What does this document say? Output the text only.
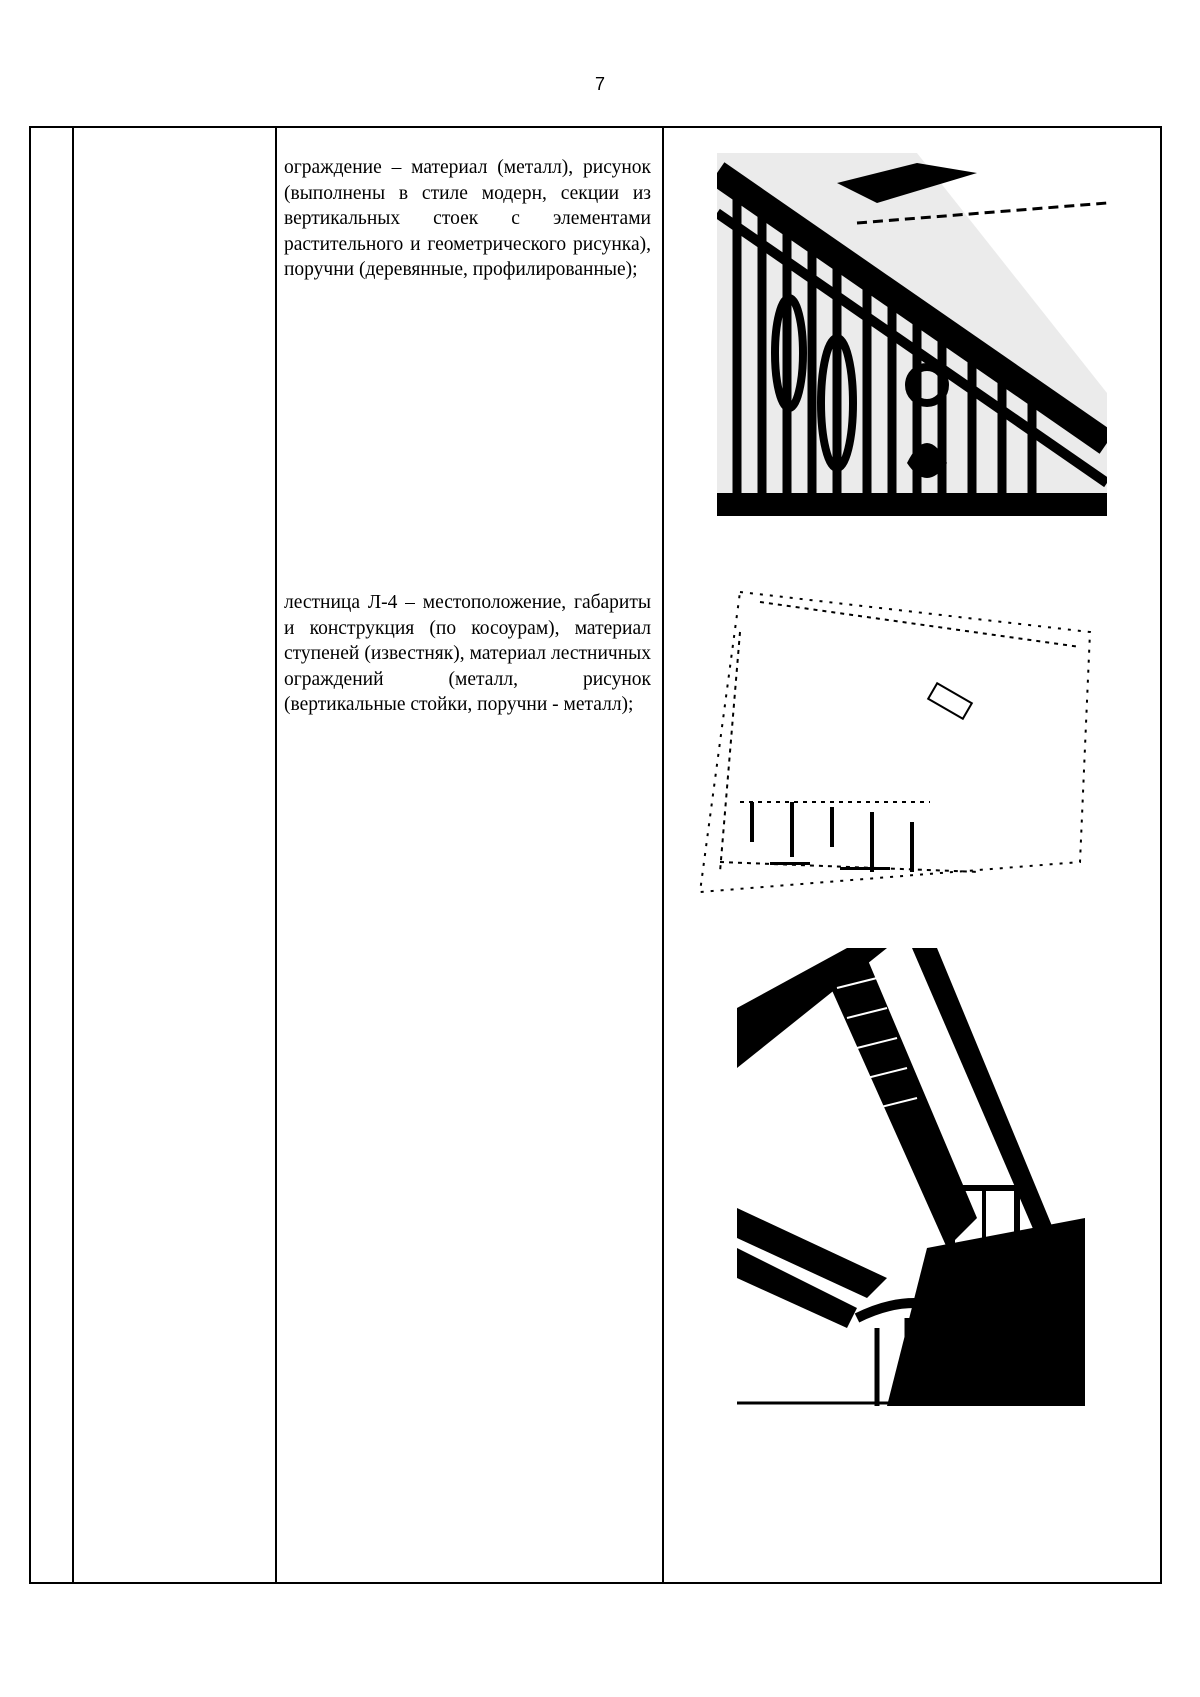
7
ограждение – материал (металл), рисунок (выполнены в стиле модерн, секции из вертикальных стоек с элементами растительного и геометрического рисунка), поручни (деревянные, профилированные);
лестница Л-4 – местоположение, габариты и конструкция (по косоурам), материал ступеней (известняк), материал лестничных ограждений (металл, рисунок (вертикальные стойки, поручни - металл);
